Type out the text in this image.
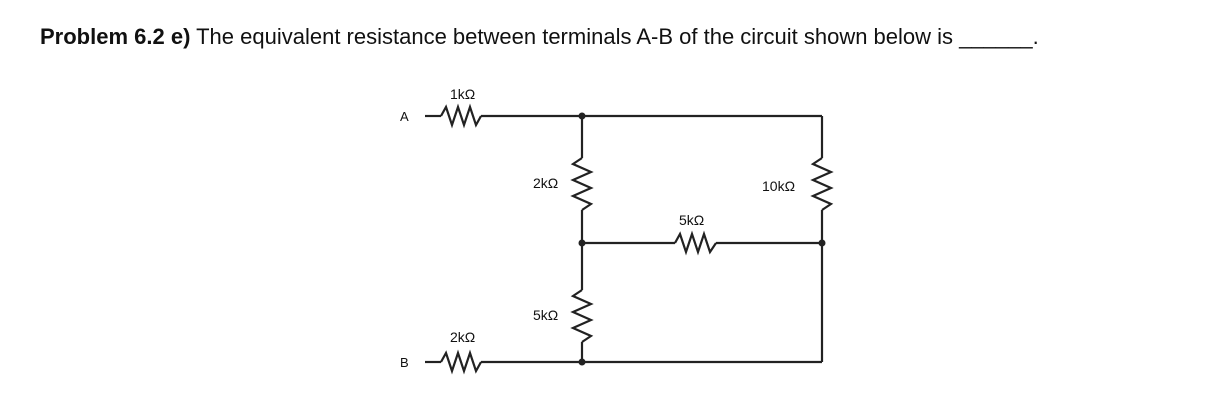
Problem 6.2 e) The equivalent resistance between terminals A-B of the circuit shown below is ______.
A
1kΩ
2kΩ
5kΩ
5kΩ
10kΩ
B
2kΩ
